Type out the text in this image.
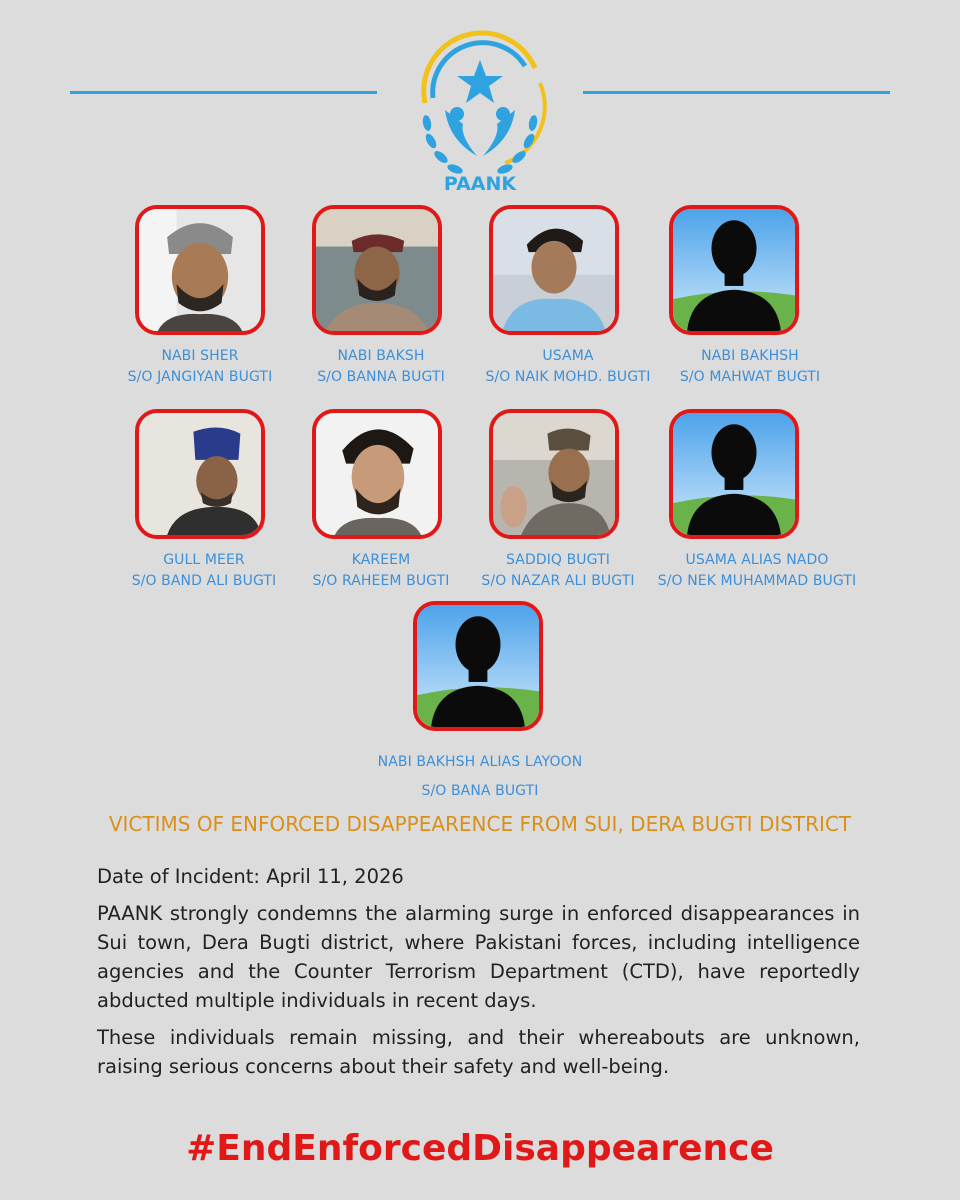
PAANK
NABI SHER
S/O JANGIYAN BUGTI
NABI BAKSH
S/O BANNA BUGTI
USAMA
S/O NAIK MOHD. BUGTI
NABI BAKHSH
S/O MAHWAT BUGTI
GULL MEER
S/O BAND ALI BUGTI
KAREEM
S/O RAHEEM BUGTI
SADDIQ BUGTI
S/O NAZAR ALI BUGTI
USAMA ALIAS NADO
S/O NEK MUHAMMAD BUGTI
NABI BAKHSH ALIAS LAYOON
S/O BANA BUGTI
VICTIMS OF ENFORCED DISAPPEARENCE FROM SUI, DERA BUGTI DISTRICT

Date of Incident: April 11, 2026

PAANK strongly condemns the alarming surge in enforced disappearances in Sui town, Dera Bugti district, where Pakistani forces, including intelligence agencies and the Counter Terrorism Department (CTD), have reportedly abducted multiple individuals in recent days.

These individuals remain missing, and their whereabouts are unknown, raising serious concerns about their safety and well-being.

#EndEnforcedDisappearence
